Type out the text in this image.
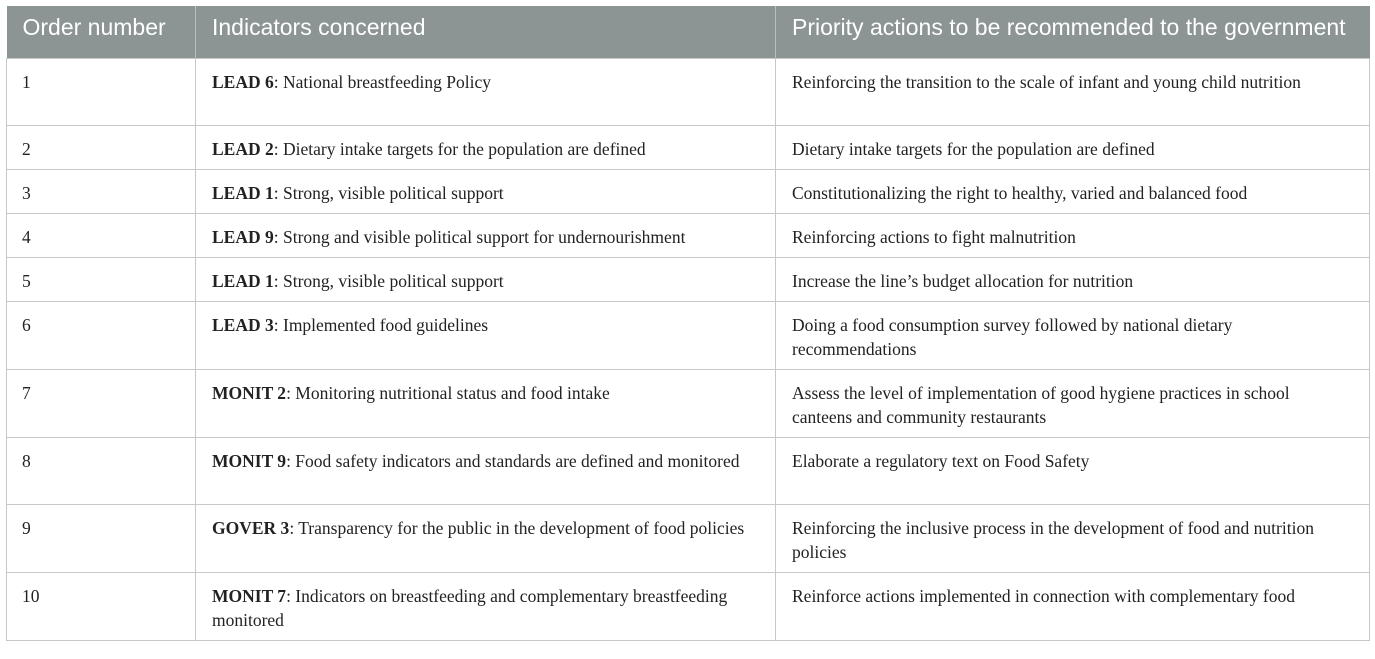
Order number	Indicators concerned	Priority actions to be recommended to the government
1	LEAD 6: National breastfeeding Policy	Reinforcing the transition to the scale of infant and young child nutrition
2	LEAD 2: Dietary intake targets for the population are defined	Dietary intake targets for the population are defined
3	LEAD 1: Strong, visible political support	Constitutionalizing the right to healthy, varied and balanced food
4	LEAD 9: Strong and visible political support for undernourishment	Reinforcing actions to fight malnutrition
5	LEAD 1: Strong, visible political support	Increase the line’s budget allocation for nutrition
6	LEAD 3: Implemented food guidelines	Doing a food consumption survey followed by national dietary recommendations
7	MONIT 2: Monitoring nutritional status and food intake	Assess the level of implementation of good hygiene practices in school canteens and community restaurants
8	MONIT 9: Food safety indicators and standards are defined and monitored	Elaborate a regulatory text on Food Safety
9	GOVER 3: Transparency for the public in the development of food policies	Reinforcing the inclusive process in the development of food and nutrition policies
10	MONIT 7: Indicators on breastfeeding and complementary breastfeeding monitored	Reinforce actions implemented in connection with complementary food
